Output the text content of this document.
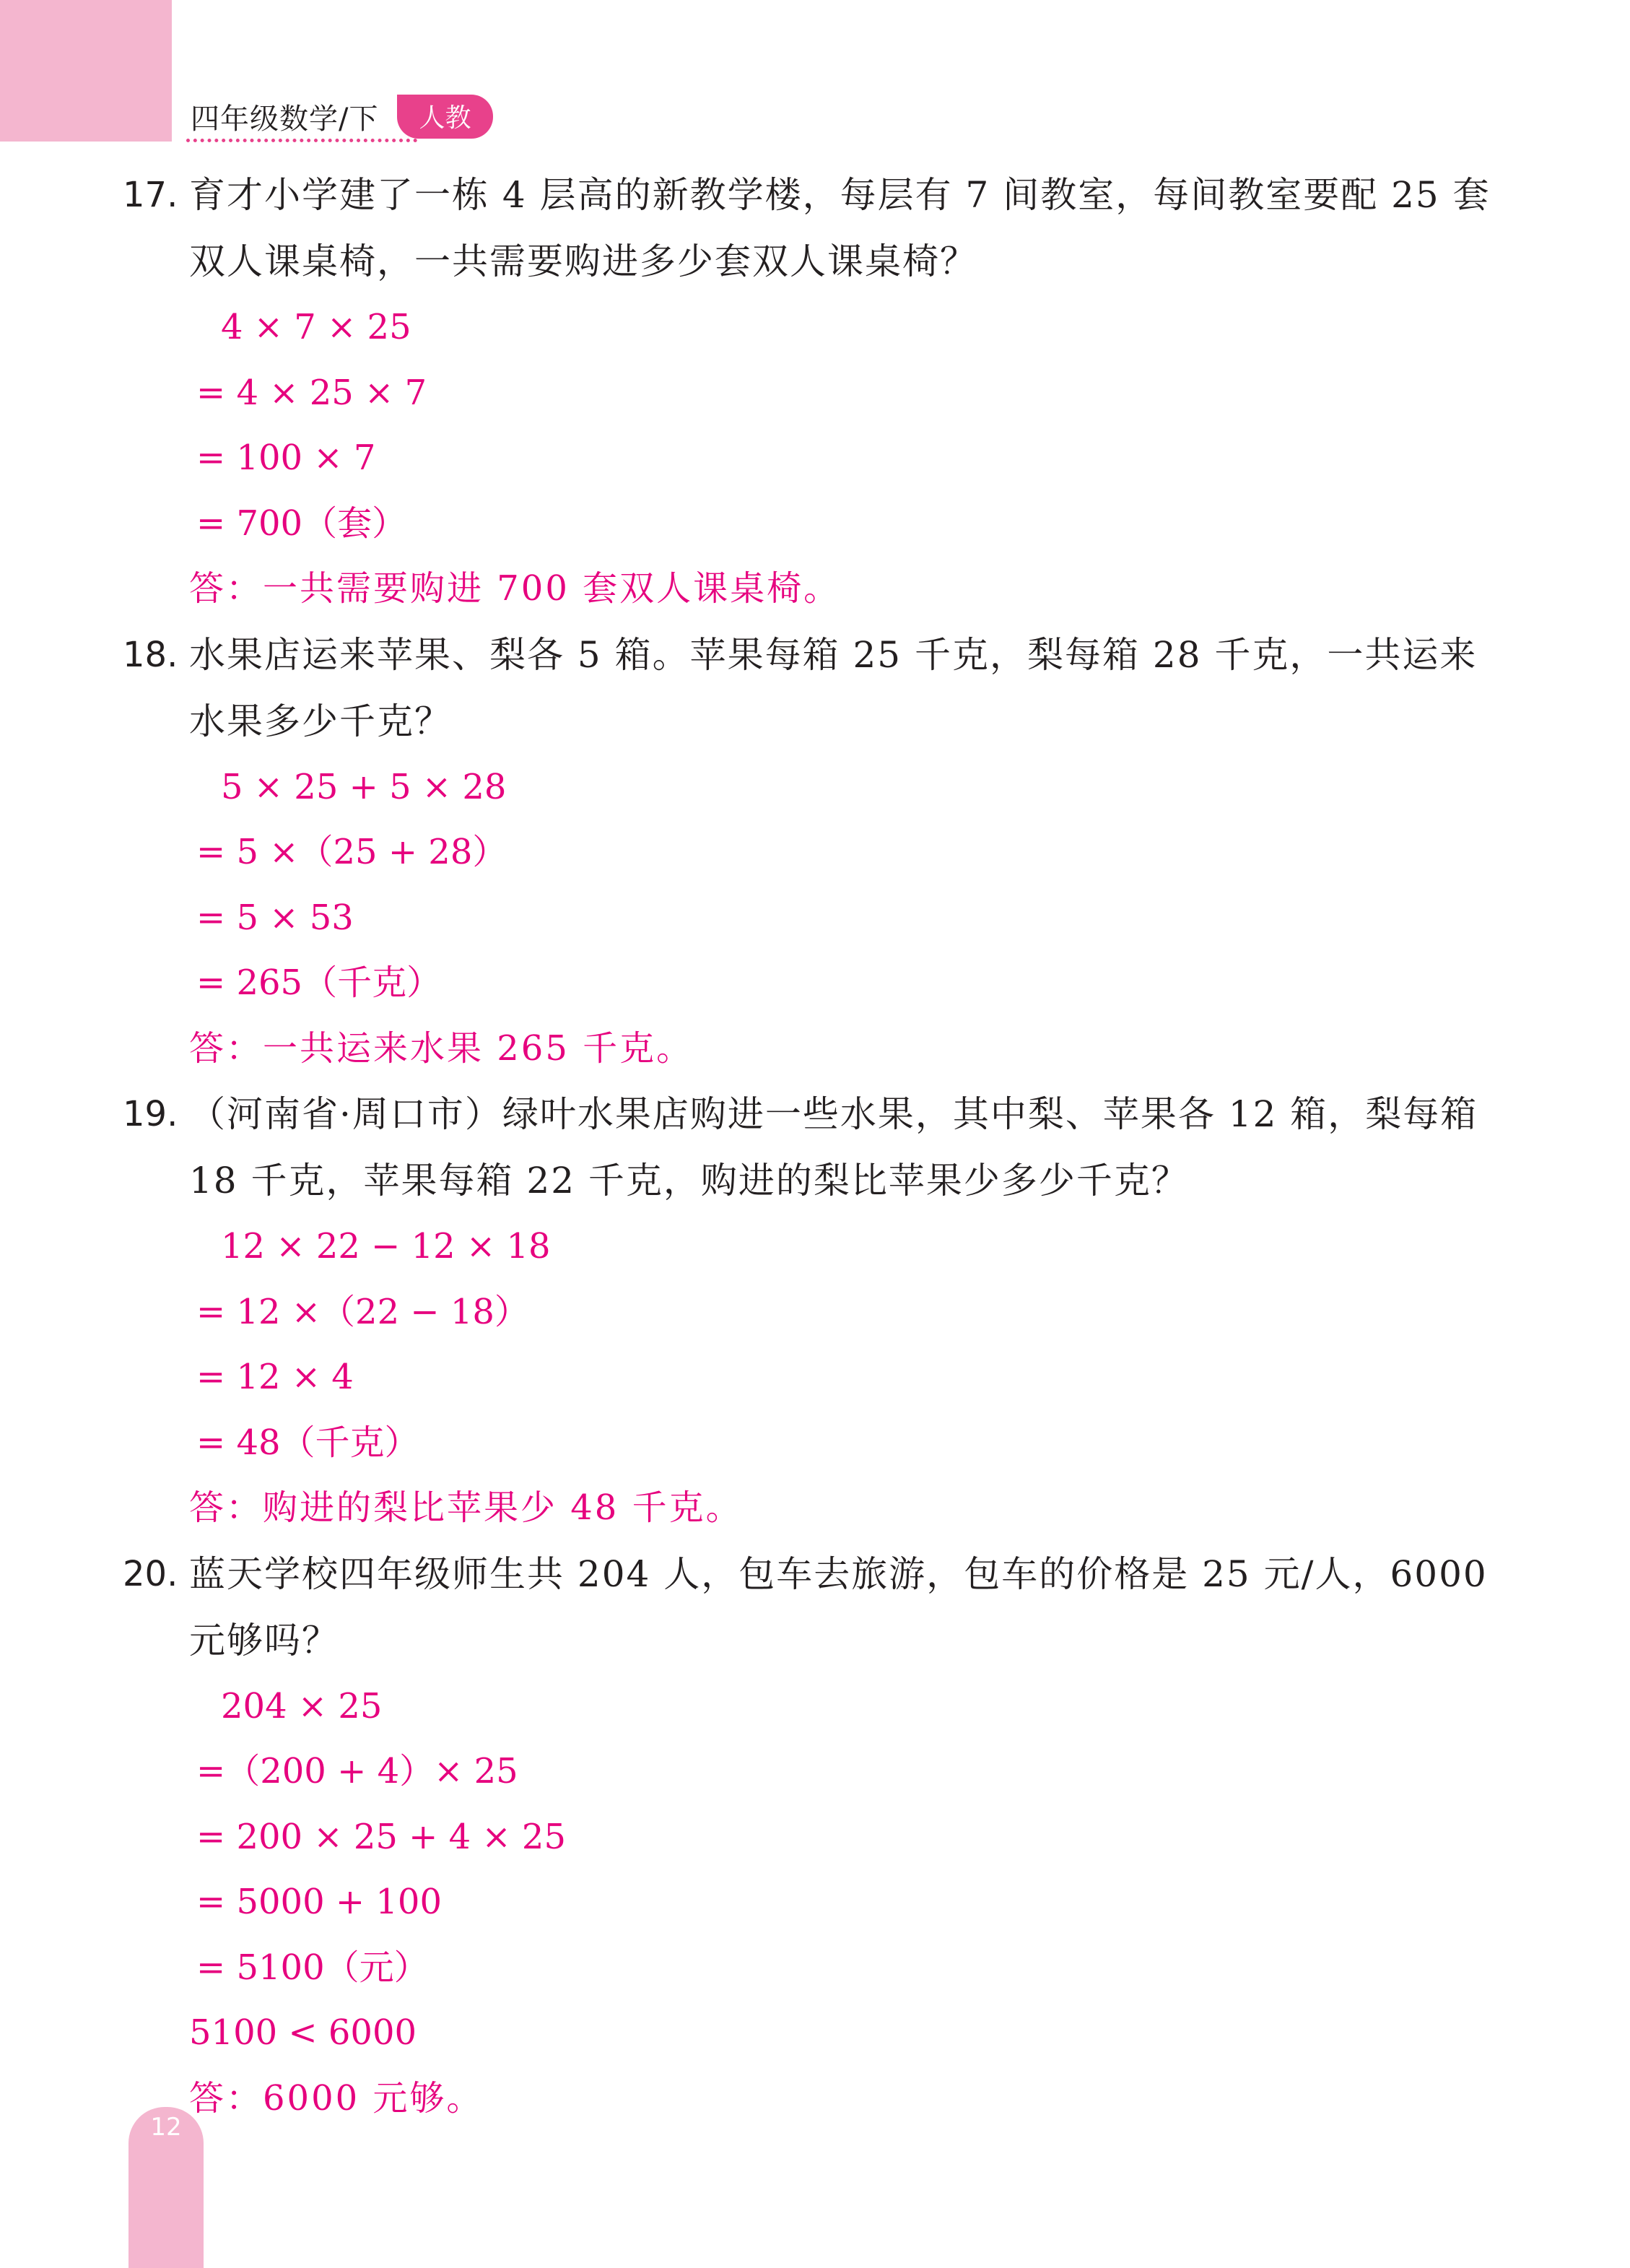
四年级数学/下	人教
17. 育才小学建了一栋 4 层高的新教学楼，每层有 7 间教室，每间教室要配 25 套双人课桌椅，一共需要购进多少套双人课桌椅？
4 × 7 × 25
= 4 × 25 × 7
= 100 × 7
= 700（套）
答：一共需要购进 700 套双人课桌椅。
18. 水果店运来苹果、梨各 5 箱。苹果每箱 25 千克，梨每箱 28 千克，一共运来水果多少千克？
5 × 25 + 5 × 28
= 5 ×（25 + 28）
= 5 × 53
= 265（千克）
答：一共运来水果 265 千克。
19. （河南省·周口市）绿叶水果店购进一些水果，其中梨、苹果各 12 箱，梨每箱 18 千克，苹果每箱 22 千克，购进的梨比苹果少多少千克？
12 × 22 − 12 × 18
= 12 ×（22 − 18）
= 12 × 4
= 48（千克）
答：购进的梨比苹果少 48 千克。
20. 蓝天学校四年级师生共 204 人，包车去旅游，包车的价格是 25 元/人，6000 元够吗？
204 × 25
=（200 + 4）× 25
= 200 × 25 + 4 × 25
= 5000 + 100
= 5100（元）
5100 < 6000
答：6000 元够。
12
